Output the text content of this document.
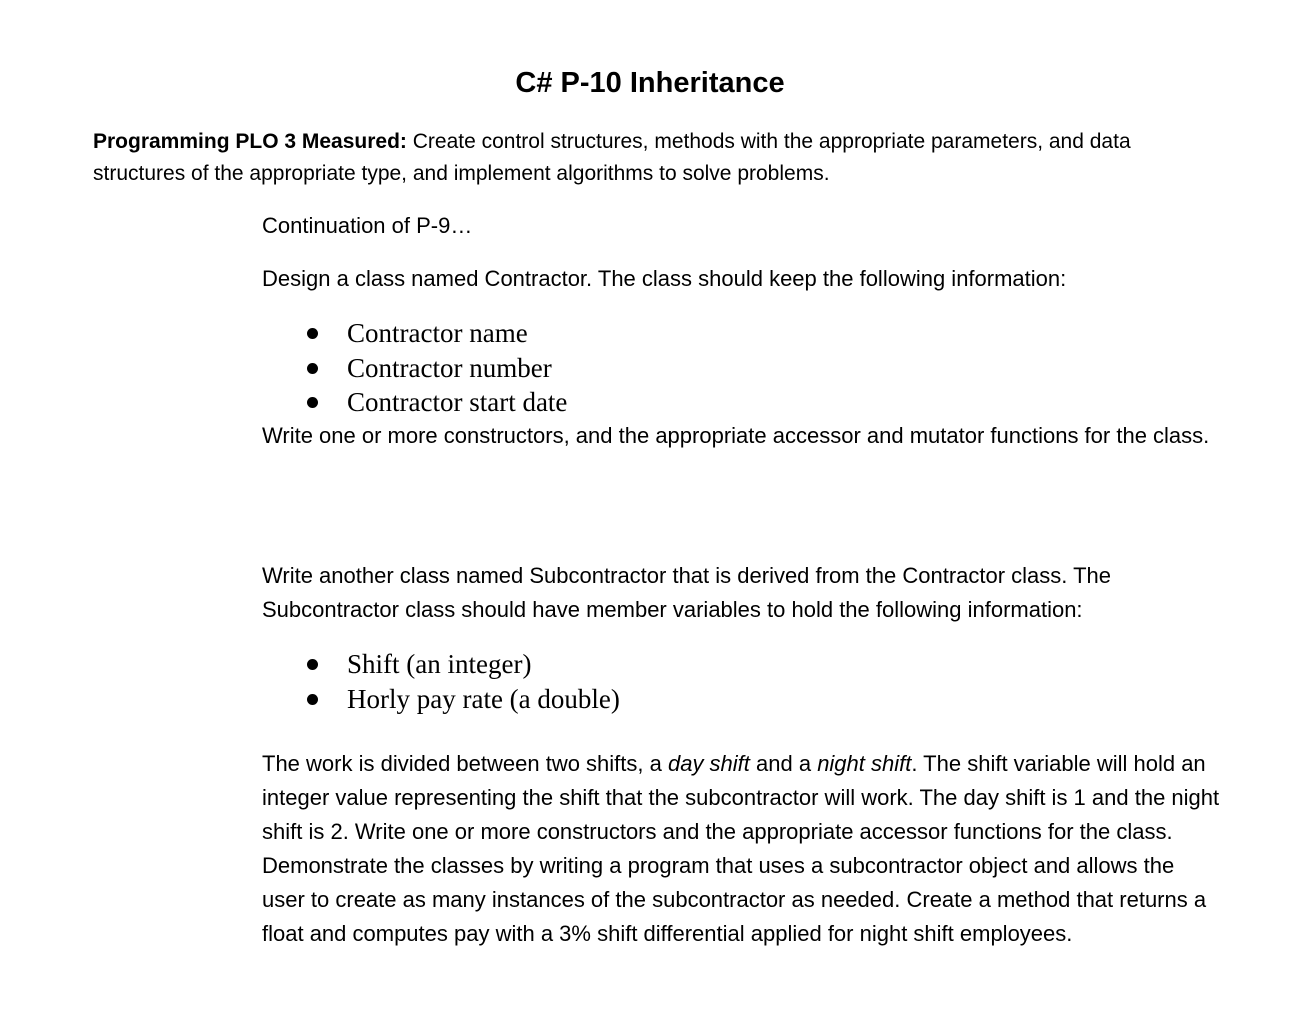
C# P-10 Inheritance
Programming PLO 3 Measured: Create control structures, methods with the appropriate parameters, and data structures of the appropriate type, and implement algorithms to solve problems.
Continuation of P-9…
Design a class named Contractor. The class should keep the following information:
Contractor name
Contractor number
Contractor start date
Write one or more constructors, and the appropriate accessor and mutator functions for the class.
Write another class named Subcontractor that is derived from the Contractor class. The Subcontractor class should have member variables to hold the following information:
Shift (an integer)
Horly pay rate (a double)
The work is divided between two shifts, a day shift and a night shift. The shift variable will hold an integer value representing the shift that the subcontractor will work. The day shift is 1 and the night shift is 2. Write one or more constructors and the appropriate accessor functions for the class. Demonstrate the classes by writing a program that uses a subcontractor object and allows the user to create as many instances of the subcontractor as needed. Create a method that returns a float and computes pay with a 3% shift differential applied for night shift employees.
